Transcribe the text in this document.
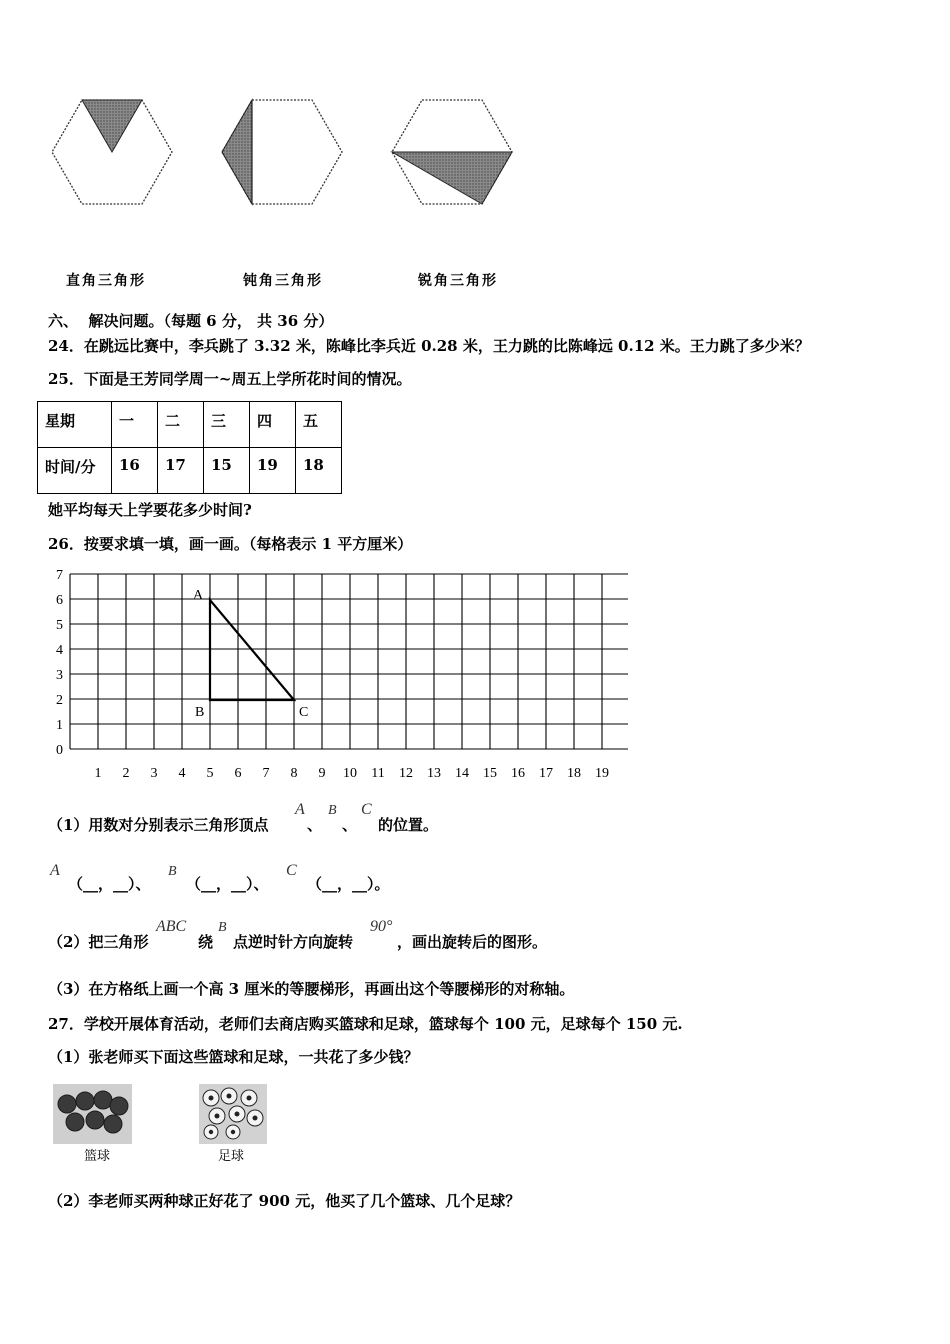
直角三角形	钝角三角形	锐角三角形
六、  解决问题。（每题 6 分， 共 36 分）
24．在跳远比赛中，李兵跳了 3.32 米，陈峰比李兵近 0.28 米，王力跳的比陈峰远 0.12 米。王力跳了多少米？
25．下面是王芳同学周一~周五上学所花时间的情况。
星期	一	二	三	四	五
时间/分	16	17	15	19	18
她平均每天上学要花多少时间?
26．按要求填一填，画一画。（每格表示 1 平方厘米）
7
6
5
4
3
2
1
0
1 2 3 4 5 6 7 8 9 10 11 12 13 14 15 16 17 18 19
A
B	C
（1）用数对分别表示三角形顶点
A
、
B
、
C
的位置。
A
（__，__）、
B
（__，__）、
C
（__，__）。
（2）把三角形
ABC
绕
B
点逆时针方向旋转
90°
，画出旋转后的图形。
（3）在方格纸上画一个高 3 厘米的等腰梯形，再画出这个等腰梯形的对称轴。
27．学校开展体育活动，老师们去商店购买篮球和足球，篮球每个 100 元，足球每个 150 元.
（1）张老师买下面这些篮球和足球，一共花了多少钱？
篮球	足球
（2）李老师买两种球正好花了 900 元，他买了几个篮球、几个足球？
